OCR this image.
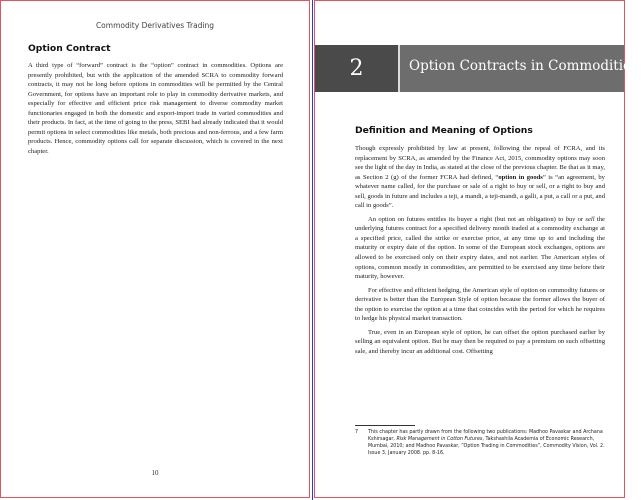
Commodity Derivatives Trading
Option Contract

A third type of “forward” contract is the “option” contract in commodities. Options are presently prohibited, but with the application of the amended SCRA to commodity forward contracts, it may not be long before options in commodities will be permitted by the Central Government, for options have an important role to play in commodity derivative markets, and especially for effective and efficient price risk management to diverse commodity market functionaries engaged in both the domestic and export-import trade in varied commodities and their products. In fact, at the time of going to the press, SEBI had already indicated that it would permit options in select commodities like metals, both precious and non-ferrous, and a few farm products. Hence, commodity options call for separate discussion, which is covered in the next chapter.

10
2	Option Contracts in Commodities$^7$
Definition and Meaning of Options

Though expressly prohibited by law at present, following the repeal of FCRA, and its replacement by SCRA, as amended by the Finance Act, 2015, commodity options may soon see the light of the day in India, as stated at the close of the previous chapter. Be that as it may, as Section 2 (g) of the former FCRA had defined, “option in goods” is “an agreement, by whatever name called, for the purchase or sale of a right to buy or sell, or a right to buy and sell, goods in future and includes a teji, a mandi, a teji-mandi, a galli, a put, a call or a put, and call in goods”.

An option on futures entitles its buyer a right (but not an obligation) to buy or sell the underlying futures contract for a specified delivery month traded at a commodity exchange at a specified price, called the strike or exercise price, at any time up to and including the maturity or expiry date of the option. In some of the European stock exchanges, options are allowed to be exercised only on their expiry dates, and not earlier. The American styles of options, common mostly in commodities, are permitted to be exercised any time before their maturity, however.

For effective and efficient hedging, the American style of option on commodity futures or derivative is better than the European Style of option because the former allows the buyer of the option to exercise the option at a time that coincides with the period for which he requires to hedge his physical market transaction.

True, even in an European style of option, he can offset the option purchased earlier by selling an equivalent option. But he may then be required to pay a premium on such offsetting sale, and thereby incur an additional cost. Offsetting

7 This chapter has partly drawn from the following two publications: Madhoo Pavaskar and Archana Kshirsagar, Risk Management in Cotton Futures, Takshashila Academia of Economic Research, Mumbai, 2010; and Madhoo Pavaskar, “Option Trading in Commodities”, Commodity Vision, Vol. 2. Issue 3, January 2008. pp. 8-16.
